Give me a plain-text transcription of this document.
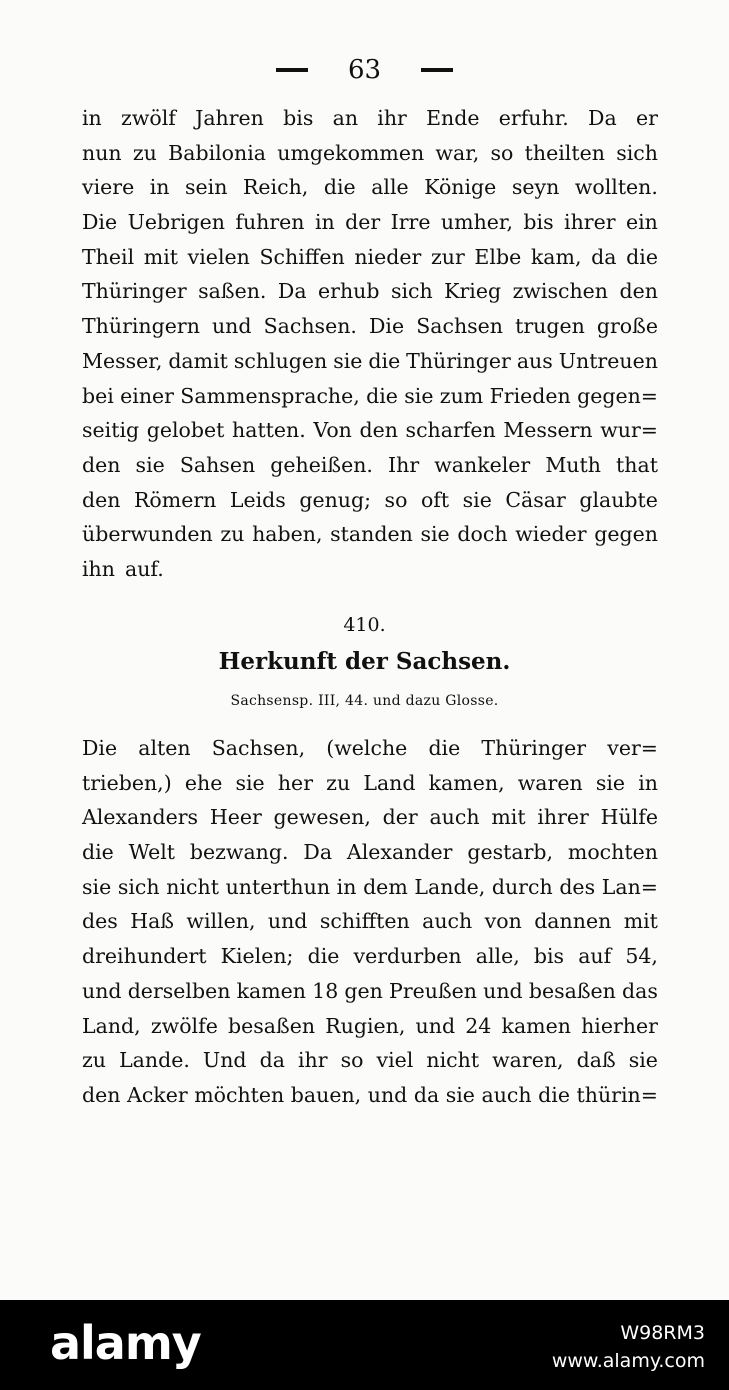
63
in zwölf Jahren bis an ihr Ende erfuhr. Da er
nun zu Babilonia umgekommen war, so theilten sich
viere in sein Reich, die alle Könige seyn wollten.
Die Uebrigen fuhren in der Irre umher, bis ihrer ein
Theil mit vielen Schiffen nieder zur Elbe kam, da die
Thüringer saßen. Da erhub sich Krieg zwischen den
Thüringern und Sachsen. Die Sachsen trugen große
Messer, damit schlugen sie die Thüringer aus Untreuen
bei einer Sammensprache, die sie zum Frieden gegen=
seitig gelobet hatten. Von den scharfen Messern wur=
den sie Sahsen geheißen. Ihr wankeler Muth that
den Römern Leids genug; so oft sie Cäsar glaubte
überwunden zu haben, standen sie doch wieder gegen
ihn auf.
410.
Herkunft der Sachsen.
Sachsensp. III, 44. und dazu Glosse.
Die alten Sachsen, (welche die Thüringer ver=
trieben,) ehe sie her zu Land kamen, waren sie in
Alexanders Heer gewesen, der auch mit ihrer Hülfe
die Welt bezwang. Da Alexander gestarb, mochten
sie sich nicht unterthun in dem Lande, durch des Lan=
des Haß willen, und schifften auch von dannen mit
dreihundert Kielen; die verdurben alle, bis auf 54,
und derselben kamen 18 gen Preußen und besaßen das
Land, zwölfe besaßen Rugien, und 24 kamen hierher
zu Lande. Und da ihr so viel nicht waren, daß sie
den Acker möchten bauen, und da sie auch die thürin=
alamy	W98RM3
www.alamy.com
